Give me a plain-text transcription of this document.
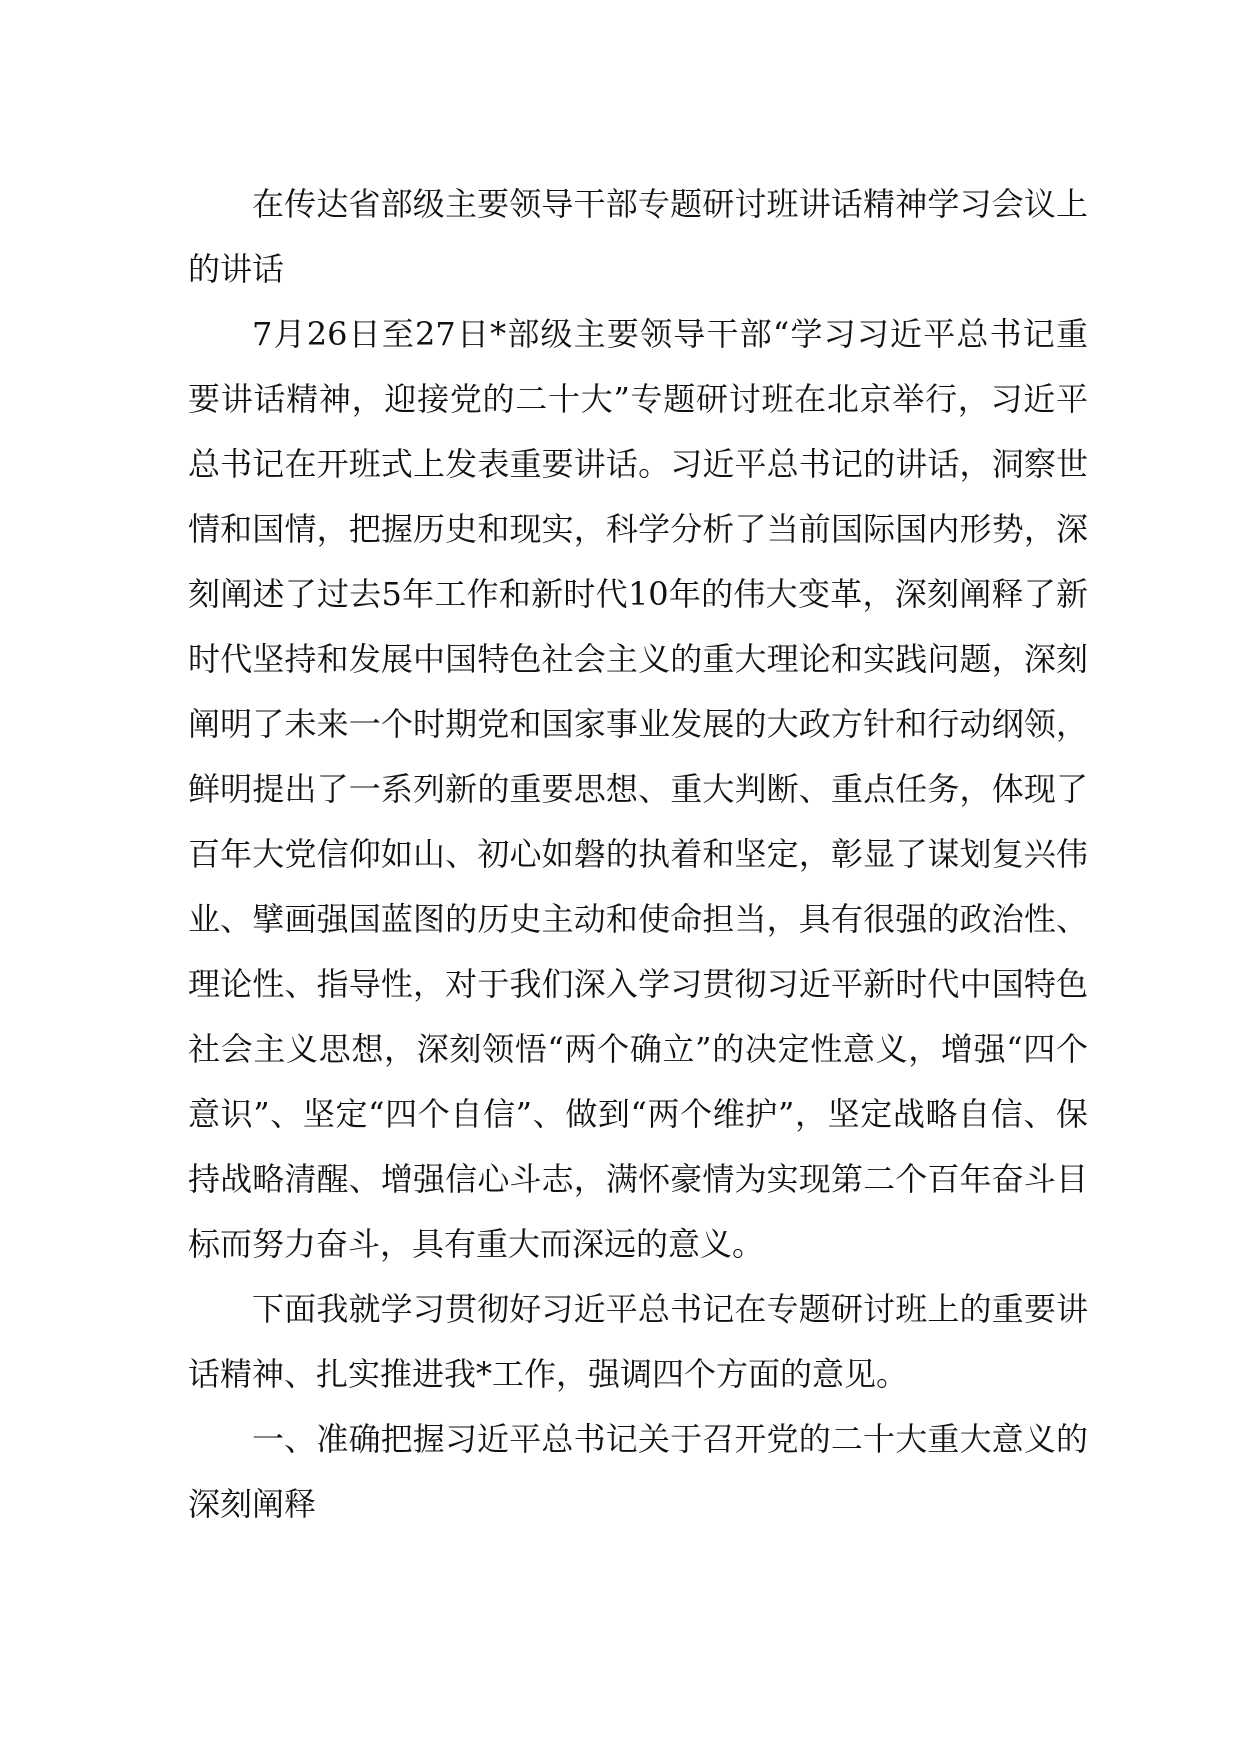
在传达省部级主要领导干部专题研讨班讲话精神学习会议上的讲话

7月26日至27日*部级主要领导干部“学习习近平总书记重要讲话精神，迎接党的二十大”专题研讨班在北京举行，习近平总书记在开班式上发表重要讲话。习近平总书记的讲话，洞察世情和国情，把握历史和现实，科学分析了当前国际国内形势，深刻阐述了过去5年工作和新时代10年的伟大变革，深刻阐释了新时代坚持和发展中国特色社会主义的重大理论和实践问题，深刻阐明了未来一个时期党和国家事业发展的大政方针和行动纲领，鲜明提出了一系列新的重要思想、重大判断、重点任务，体现了百年大党信仰如山、初心如磐的执着和坚定，彰显了谋划复兴伟业、擘画强国蓝图的历史主动和使命担当，具有很强的政治性、理论性、指导性，对于我们深入学习贯彻习近平新时代中国特色社会主义思想，深刻领悟“两个确立”的决定性意义，增强“四个意识”、坚定“四个自信”、做到“两个维护”，坚定战略自信、保持战略清醒、增强信心斗志，满怀豪情为实现第二个百年奋斗目标而努力奋斗，具有重大而深远的意义。

下面我就学习贯彻好习近平总书记在专题研讨班上的重要讲话精神、扎实推进我*工作，强调四个方面的意见。

一、准确把握习近平总书记关于召开党的二十大重大意义的深刻阐释
